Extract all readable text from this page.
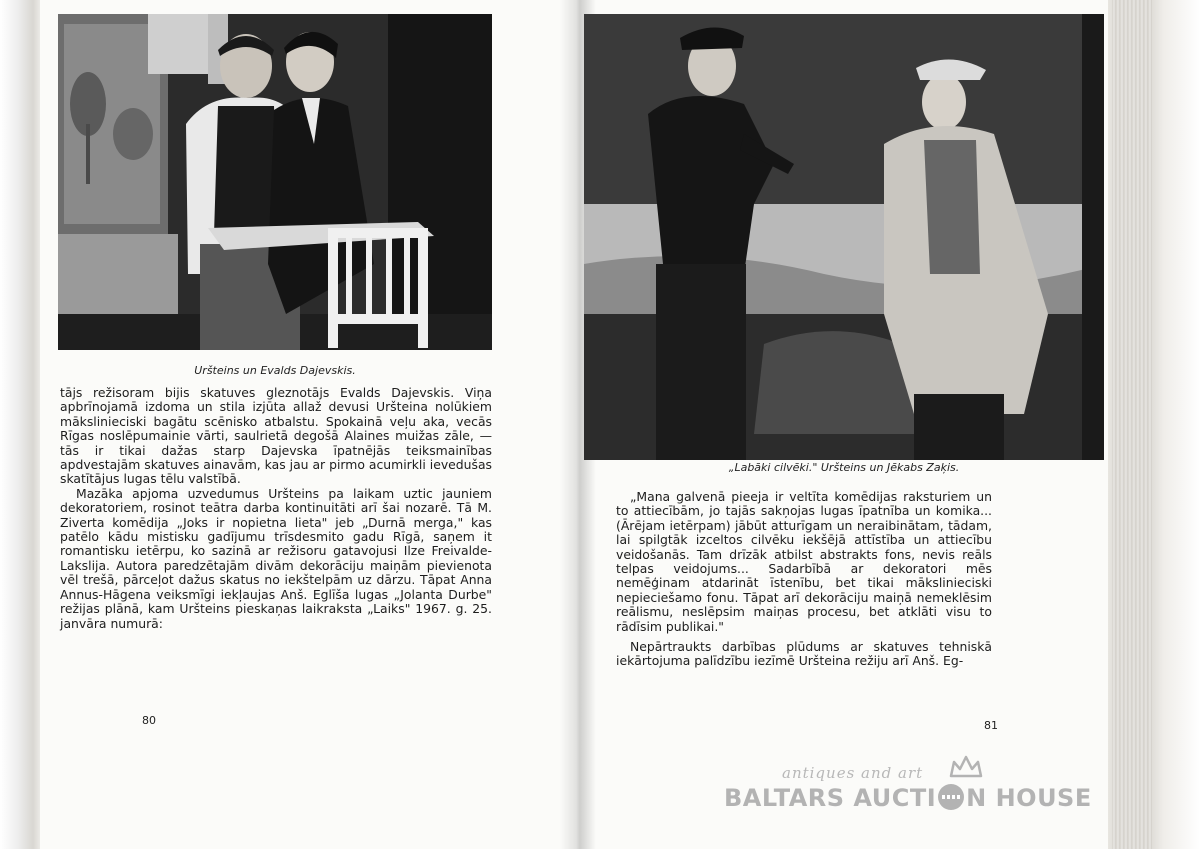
Uršteins un Evalds Dajevskis.

tājs režisoram bijis skatuves gleznotājs Evalds Dajevskis. Viņa apbrīnojamā izdoma un stila izjūta allaž devusi Uršteina nolūkiem mākslinieciski bagātu scēnisko atbalstu. Spokainā veļu aka, vecās Rīgas noslēpumainie vārti, saulrietā degošā Alaines muižas zāle, — tās ir tikai dažas starp Dajevska īpatnējās teiksmainības apdvestajām skatuves ainavām, kas jau ar pirmo acumirkli ievedušas skatītājus lugas tēlu valstībā.

Mazāka apjoma uzvedumus Uršteins pa laikam uztic jauniem dekoratoriem, rosinot teātra darba kontinuitāti arī šai nozarē. Tā M. Ziverta komēdija „Joks ir nopietna lieta" jeb „Durnā merga," kas patēlo kādu mistisku gadījumu trīsdesmito gadu Rīgā, saņem it romantisku ietērpu, ko sazinā ar režisoru gatavojusi Ilze Freivalde-Lakslija. Autora paredzētajām divām dekorāciju maiņām pievienota vēl trešā, pārceļot dažus skatus no iekštelpām uz dārzu. Tāpat Anna Annus-Hāgena veiksmīgi iekļaujas Anš. Eglīša lugas „Jolanta Durbe" režijas plānā, kam Uršteins pieskaņas laikraksta „Laiks" 1967. g. 25. janvāra numurā:

80
„Labāki cilvēki." Uršteins un Jēkabs Zaķis.

„Mana galvenā pieeja ir veltīta komēdijas raksturiem un to attiecībām, jo tajās sakņojas lugas īpatnība un komika... (Ārējam ietērpam) jābūt atturīgam un neraibinātam, tādam, lai spilgtāk izceltos cilvēku iekšējā attīstība un attiecību veidošanās. Tam drīzāk atbilst abstrakts fons, nevis reāls telpas veidojums... Sadarbībā ar dekoratori mēs nemēģinam atdarināt īstenību, bet tikai mākslinieciski nepieciešamo fonu. Tāpat arī dekorāciju maiņā nemeklēsim reālismu, neslēpsim maiņas procesu, bet atklāti visu to rādīsim publikai."

Nepārtraukts darbības plūdums ar skatuves tehniskā iekārtojuma palīdzību iezīmē Uršteina režiju arī Anš. Eg-

81
antiques and art
BALTARS AUCTI N HOUSE
